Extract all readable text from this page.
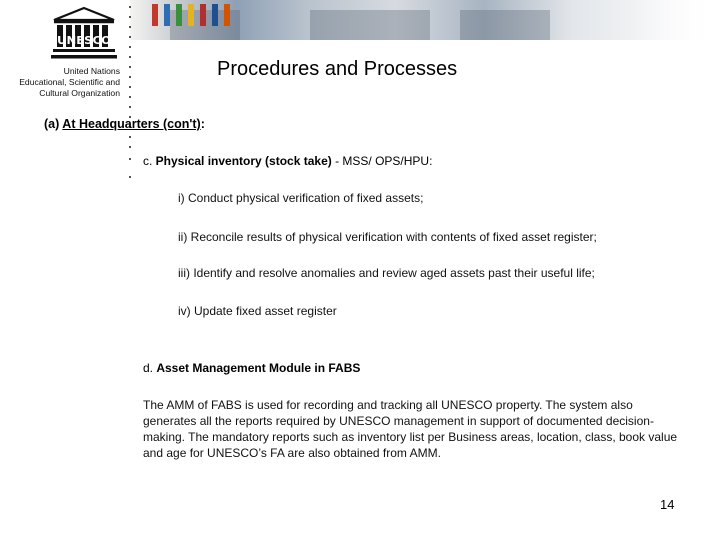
UNESCO
United Nations
Educational, Scientific and
Cultural Organization
Procedures and Processes
(a) At Headquarters (con't):
c. Physical inventory (stock take) - MSS/ OPS/HPU:
i) Conduct physical verification of fixed assets;
ii) Reconcile results of physical verification with contents of fixed asset register;
iii) Identify and resolve anomalies and review aged assets past their useful life;
iv) Update fixed asset register
d. Asset Management Module in FABS
The AMM of FABS is used for recording and tracking all UNESCO property. The system also generates all the reports required by UNESCO management in support of documented decision-making. The mandatory reports such as inventory list per Business areas, location, class, book value and age for UNESCO’s FA are also obtained from AMM.
14
